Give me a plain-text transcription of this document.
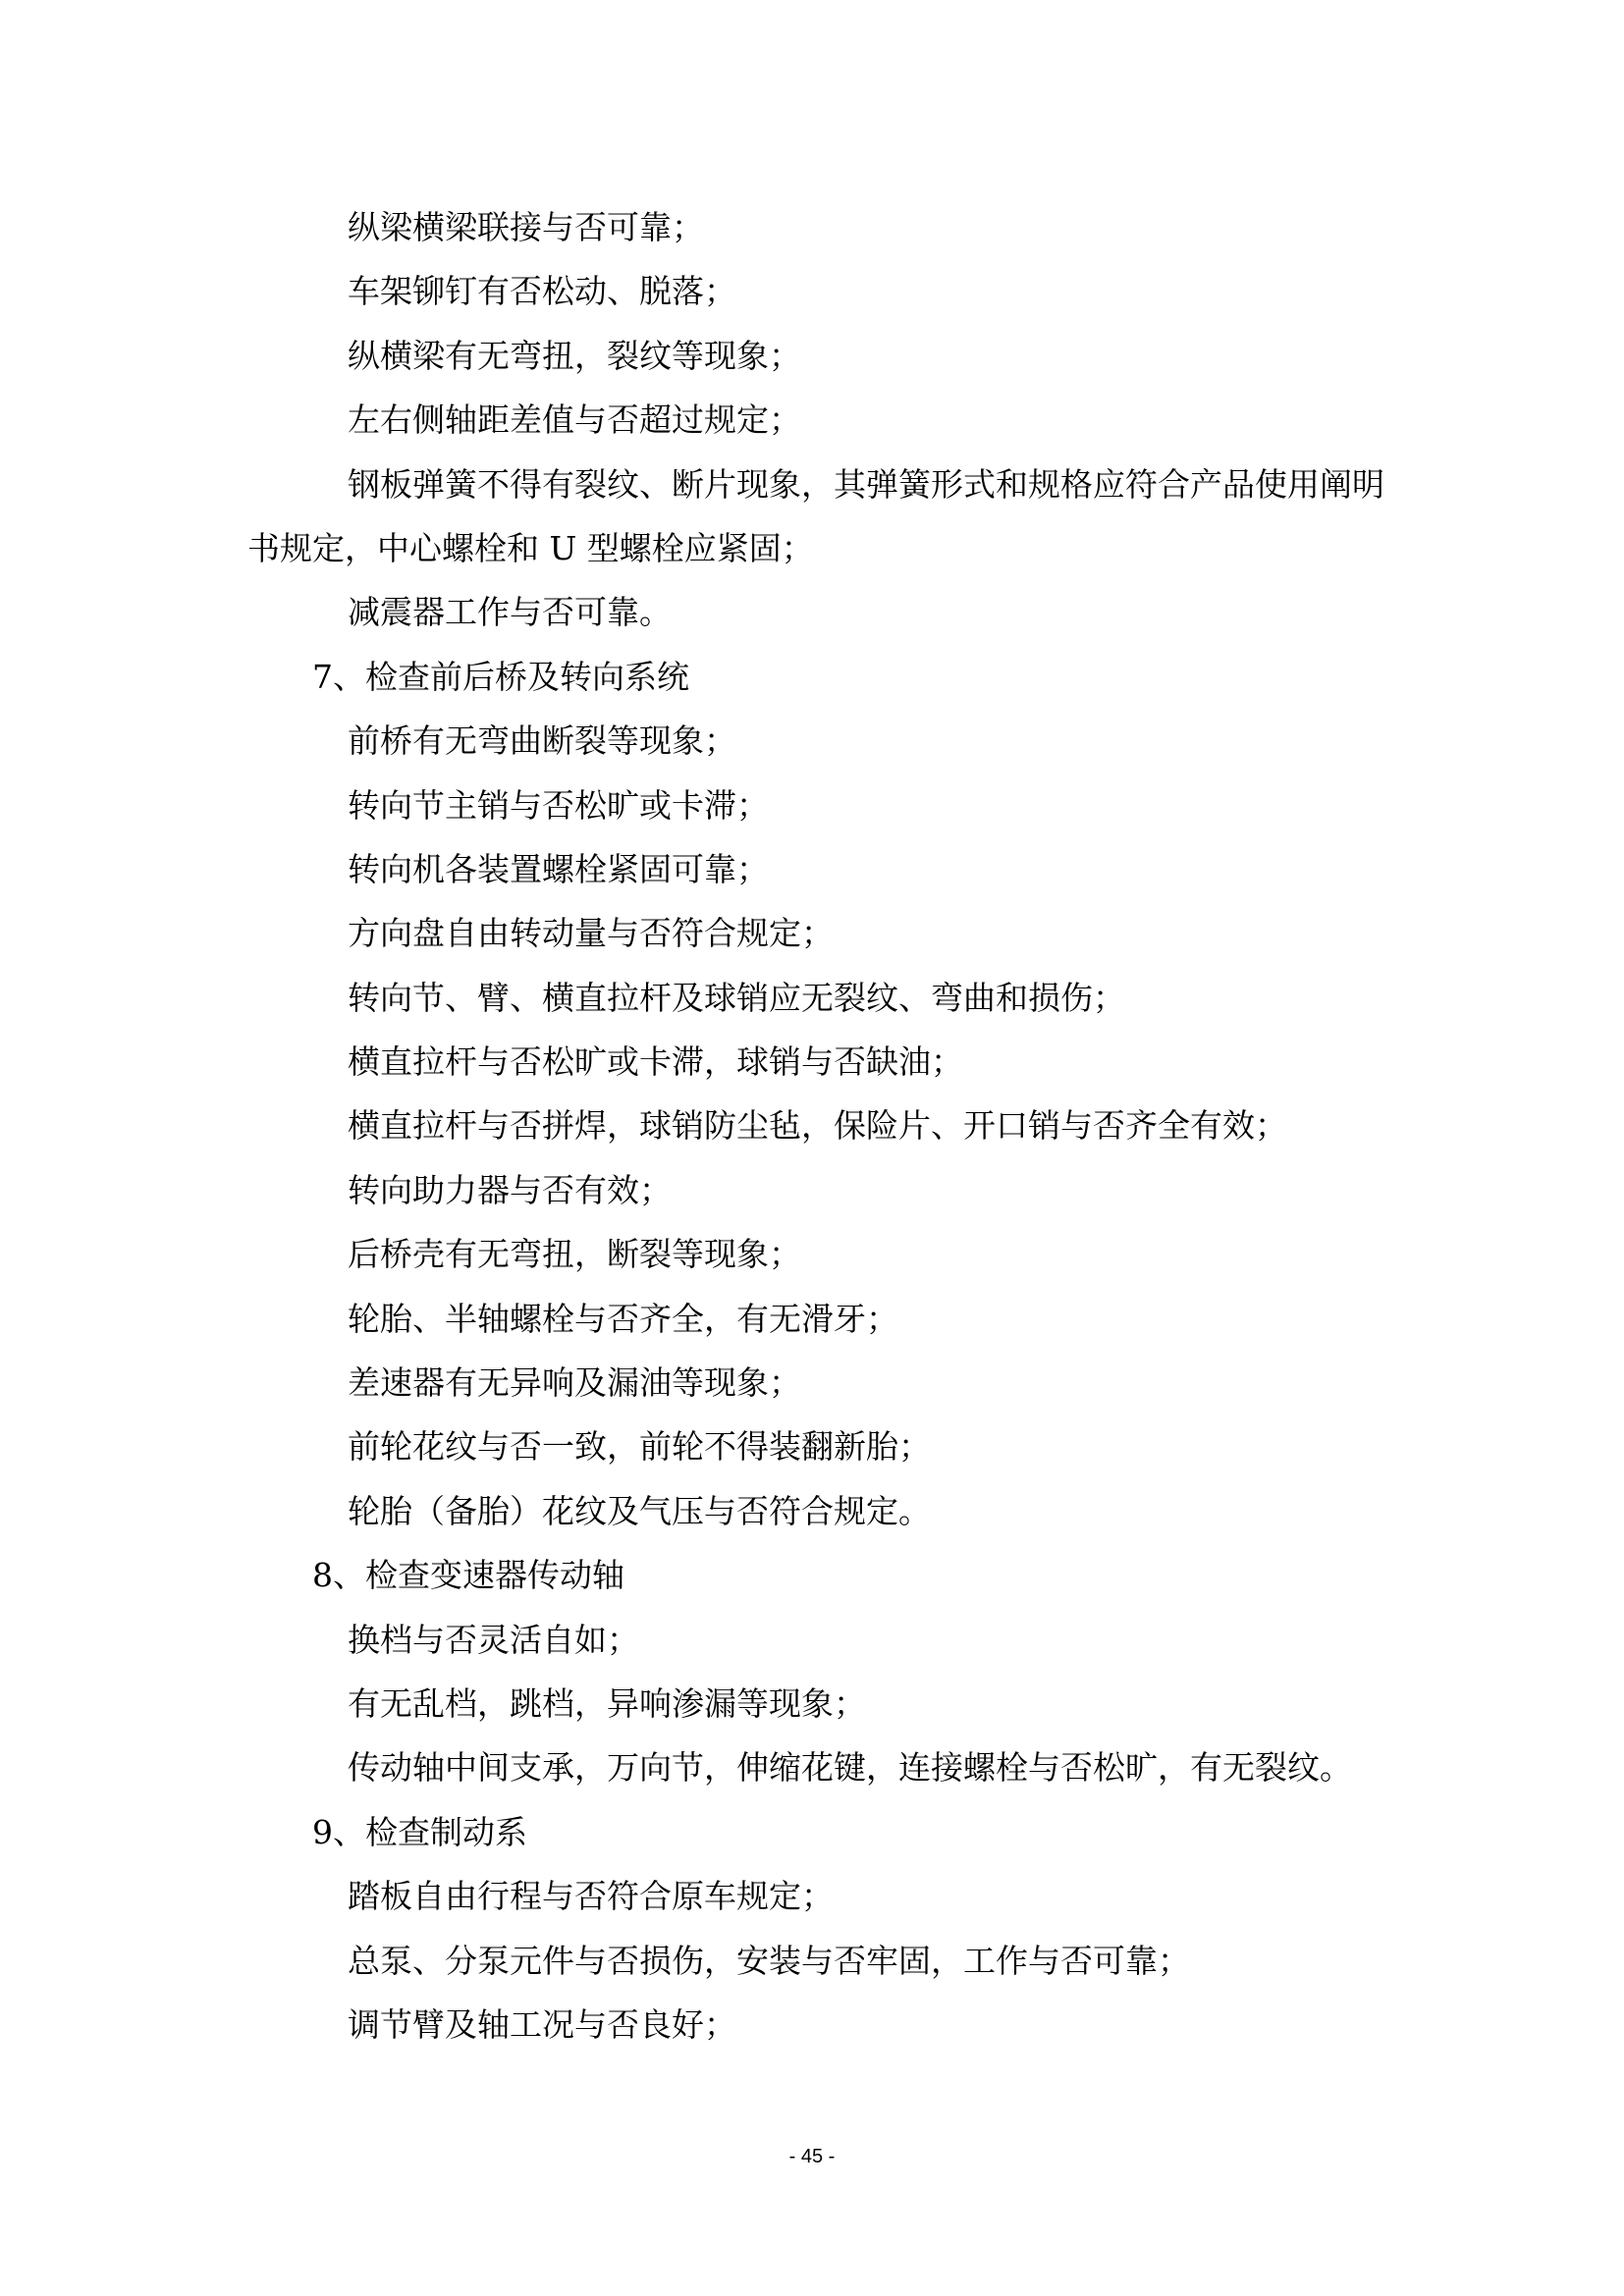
纵梁横梁联接与否可靠；
车架铆钉有否松动、脱落；
纵横梁有无弯扭，裂纹等现象；
左右侧轴距差值与否超过规定；
钢板弹簧不得有裂纹、断片现象，其弹簧形式和规格应符合产品使用阐明
书规定，中心螺栓和 U 型螺栓应紧固；
减震器工作与否可靠。
7、检查前后桥及转向系统
前桥有无弯曲断裂等现象；
转向节主销与否松旷或卡滞；
转向机各装置螺栓紧固可靠；
方向盘自由转动量与否符合规定；
转向节、臂、横直拉杆及球销应无裂纹、弯曲和损伤；
横直拉杆与否松旷或卡滞，球销与否缺油；
横直拉杆与否拼焊，球销防尘毡，保险片、开口销与否齐全有效；
转向助力器与否有效；
后桥壳有无弯扭，断裂等现象；
轮胎、半轴螺栓与否齐全，有无滑牙；
差速器有无异响及漏油等现象；
前轮花纹与否一致，前轮不得装翻新胎；
轮胎（备胎）花纹及气压与否符合规定。
8、检查变速器传动轴
换档与否灵活自如；
有无乱档，跳档，异响渗漏等现象；
传动轴中间支承，万向节，伸缩花键，连接螺栓与否松旷，有无裂纹。
9、检查制动系
踏板自由行程与否符合原车规定；
总泵、分泵元件与否损伤，安装与否牢固，工作与否可靠；
调节臂及轴工况与否良好；
- 45 -
